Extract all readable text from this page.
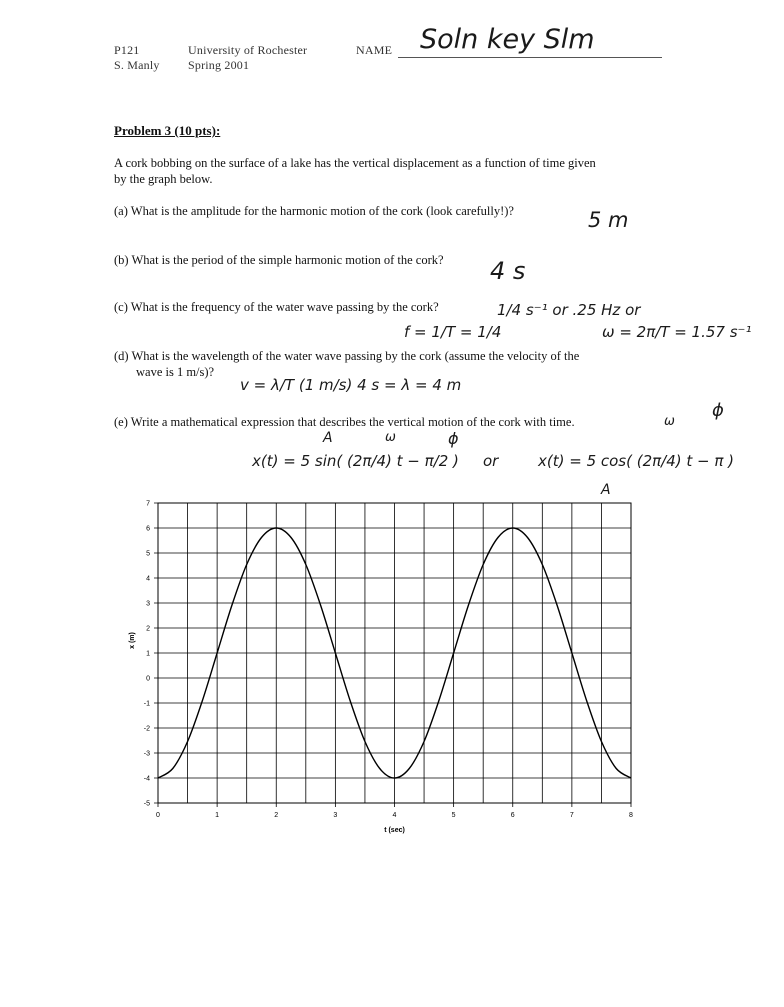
P121
S. Manly
University of Rochester
Spring 2001
NAME Soln key Slm
Problem 3 (10 pts):
A cork bobbing on the surface of a lake has the vertical displacement as a function of time given
by the graph below.
(a) What is the amplitude for the harmonic motion of the cork (look carefully!)?	5 m
(b) What is the period of the simple harmonic motion of the cork? 4 s
(c) What is the frequency of the water wave passing by the cork?	1/4 s⁻¹ or .25 Hz or
f = 1/T = 1/4	ω = 2π/T = 1.57 s⁻¹
(d) What is the wavelength of the water wave passing by the cork (assume the velocity of the
wave is 1 m/s)?
v = λ/T (1 m/s) 4 s = λ = 4 m
(e) Write a mathematical expression that describes the vertical motion of the cork with time.
A	ω	ϕ
ϕ
ω
x(t) = 5 sin( (2π/4) t − π/2 ) or	x(t) = 5 cos( (2π/4) t − π )
A
-5
-4
-3
-2
-1
0
1
2
3
4
5
6
7
0	1	2	3	4	5	6	7	8
t (sec)
x (m)
